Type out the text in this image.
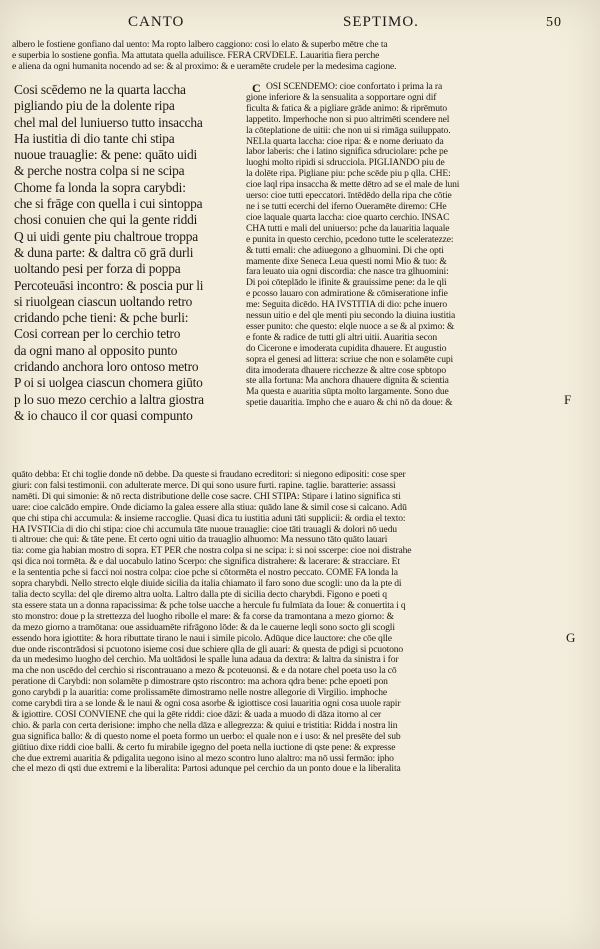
CANTO	SEPTIMO.	50
albero le fostiene gonfiano dal uento: Ma ropto lalbero caggiono: cosi lo elato & superbo mētre che ta
e superbia lo sostiene gonfia. Ma attutata quella aduilisce. FERA CRVDELE. Lauaritia fiera perche
e aliena da ogni humanita nocendo ad se: & al proximo: & e ueramēte crudele per la medesima cagione.
Cosi scēdemo ne la quarta laccha
pigliando piu de la dolente ripa
chel mal del luniuerso tutto insaccha
Ha iustitia di dio tante chi stipa
nuoue trauaglie: & pene: quāto uidi
& perche nostra colpa si ne scipa
Chome fa londa la sopra carybdi:
che si frāge con quella i cui sintoppa
chosi conuien che qui la gente riddi
Q ui uidi gente piu chaltroue troppa
& duna parte: & daltra cō grā durli
uoltando pesi per forza di poppa
Percoteuāsi incontro: & poscia pur li
si riuolgean ciascun uoltando retro
cridando pche tieni: & pche burli:
Cosi correan per lo cerchio tetro
da ogni mano al opposito punto
cridando anchora loro ontoso metro
P oi si uolgea ciascun chomera giūto
p lo suo mezo cerchio a laltra giostra
& io chauco il cor quasi compunto
C OSI SCENDEMO: cioe confortato i prima la ra
gione inferiore & la sensualita a sopportare ogni dif
ficulta & fatica & a pigliare grāde animo: & riprēmuto
lappetito. Imperhoche non si puo altrimēti scendere nel
la cōteplatione de uitii: che non ui si rimāga suiluppato.
NELla quarta laccha: cioe ripa: & e nome deriuato da
labor laberis: che i latino significa sdruciolare: pche pe
luoghi molto ripidi si sdrucciola. PIGLIANDO piu de
la dolēte ripa. Pigliane piu: pche scēde piu p qlla. CHE:
cioe laql ripa insaccha & mette dētro ad se el male de luni
uerso: cioe tutti epeccatori. īntēdēdo della ripa che cōtie
ne i se tutti ecerchi del iferno Oueramēte diremo: CHe
cioe laquale quarta laccha: cioe quarto cerchio. INSAC
CHA tutti e mali del uniuerso: pche da lauaritia laquale
e punita in questo cerchio, pcedono tutte le sceleratezze:
& tutti emali: che adiuegono a glhuomini. Di che opti
mamente dixe Seneca Leua questi nomi Mio & tuo: &
fara leuato uia ogni discordia: che nasce tra glhuomini:
Di poi cōteplādo le ifinite & grauissime pene: da le qli
e pcosso lauaro con admiratione & cōmiseratione infie
me: Seguita dicēdo. HA IVSTITIA di dio: pche inuero
nessun uitio e del qle menti piu secondo la diuina iustitia
esser punito: che questo: elqle nuoce a se & al pximo: &
e fonte & radice de tutti gli altri uitii. Auaritia secon
do Cicerone e imoderata cupidita dhauere. Et augustio
sopra el genesi ad littera: scriue che non e solamēte cupi
dita imoderata dhauere ricchezze & altre cose spbtopo
ste alla fortuna: Ma anchora dhauere dignita & scientia
Ma questa e auaritia sūpta molto largamente. Sono due
spetie dauaritia. īmpho che e auaro & chi nō da doue: &	F
G
quāto debba: Et chi toglie donde nō debbe. Da queste si fraudano ecreditori: si niegono edipositi: cose sper
giuri: con falsi testimonii. con adulterate merce. Di qui sono usure furti. rapine. taglie. baratterie: assassi
namēti. Di qui simonie: & nō recta distributione delle cose sacre. CHI STIPA: Stipare i latino significa sti
uare: cioe calcādo empire. Onde diciamo la galea essere alla stiua: quādo lane & simil cose si calcano. Adū
que chi stipa chi accumula: & insieme raccoglie. Quasi dica tu iustitia aduni tāti supplicii: & ordia el texto:
HA IVSTICia di dio chi stipa: cioe chi accumula tāte nuoue trauaglie: cioe tāti trauagli & dolori nō uedu
ti altroue: che qui: & tāte pene. Et certo ogni uitio da trauaglio alhuomo: Ma nessuno tāto quāto lauari
tia: come gia habian mostro di sopra. ET PER che nostra colpa si ne scipa: i: si noi sscerpe: cioe noi distrahe
qsi dica noi tormēta. & e dal uocabulo latino Scerpo: che significa distrahere: & lacerare: & stracciare. Et
e la sententia pche si facci noi nostra colpa: cioe pche si cōtormēta el nostro peccato. COME FA londa la
sopra charybdi. Nello strecto elqle diuide sicilia da italia chiamato il faro sono due scogli: uno da la pte di
talia decto scylla: del qle diremo altra uolta. Laltro dalla pte di sicilia decto charybdi. Figono e poeti q
sta essere stata un a donna rapacissima: & pche tolse uacche a hercule fu fulmīata da Ioue: & conuertita i q
sto monstro: doue p la strettezza del luogho ribolle el mare: & fa corse da tramontana a mezo giorno: &
da mezo giorno a tramōtana: oue assiduamēte rifrāgono lōde: & da le cauerne leqli sono socto gli scogli
essendo hora igiottite: & hora ributtate tirano le naui i simile picolo. Adūque dice lauctore: che cōe qlle
due onde riscontrādosi si pcuotono isieme cosi due schiere qlla de gli auari: & questa de pdigi si pcuotono
da un medesimo luogho del cerchio. Ma uoltādosi le spalle luna adaua da dextra: & laltra da sinistra i for
ma che non uscēdo del cerchio si riscontrauano a mezo & pcoteuonsi. & e da notare chel poeta uso la cō
peratione di Carybdi: non solamēte p dimostrare qsto riscontro: ma achora qdra bene: pche epoeti pon
gono carybdi p la auaritia: come prolissamēte dimostramo nelle nostre allegorie di Virgilio. imphoche
come carybdi tira a se londe & le naui & ogni cosa asorbe & igiottisce cosi lauaritia ogni cosa uuole rapir
& igiottire. COSI CONVIENE che qui la gēte riddi: cioe dāzi: & uada a muodo di dāza itorno al cer
chio. & parla con certa derisione: impho che nella dāza e allegrezza: & quiui e tristitia: Ridda i nostra lin
gua significa ballo: & di questo nome el poeta formo un uerbo: el quale non e i uso: & nel presēte del sub
giūtiuo dixe riddi cioe balli. & certo fu mirabile igegno del poeta nella iuctione di qste pene: & expresse
che due extremi auaritia & pdigalita uegono isino al mezo scontro luno alaltro: ma nō ussi fermāo: ipho
che el mezo di qsti due extremi e la liberalita: Partosi adunque pel cerchio da un ponto doue e la liberalita
